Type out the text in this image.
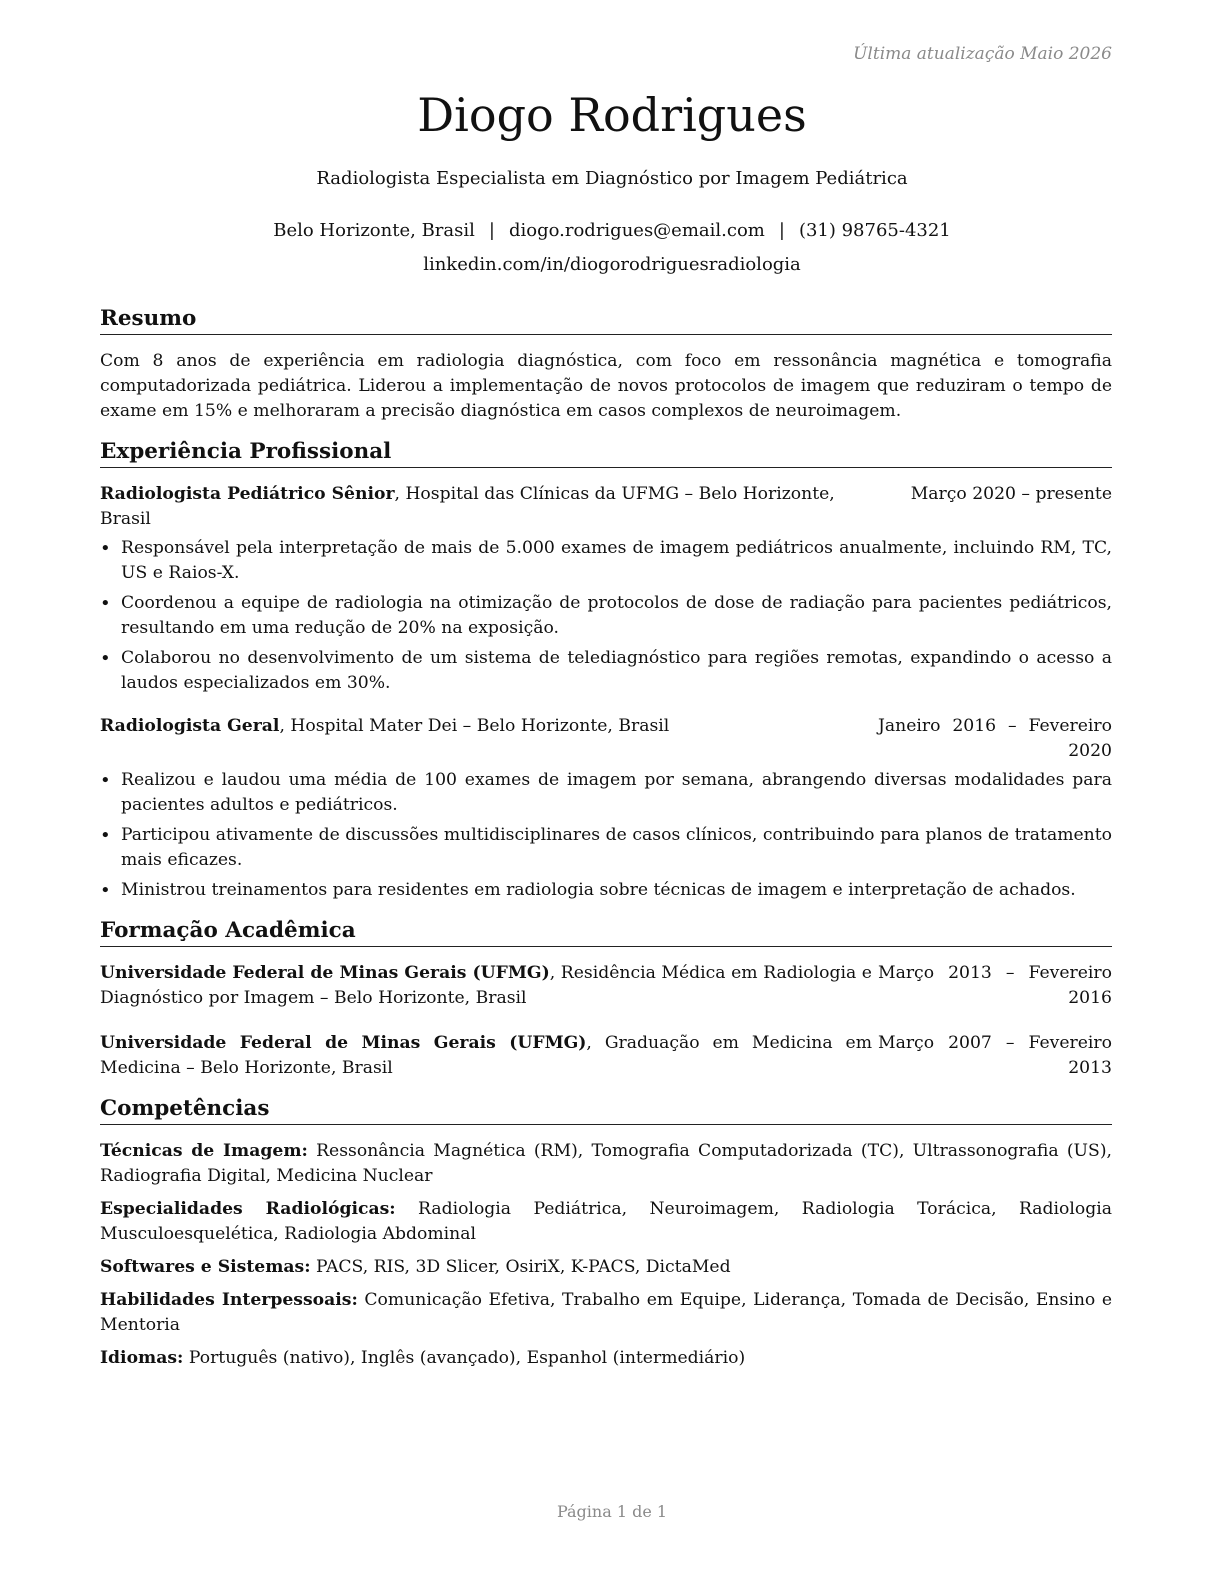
Última atualização Maio 2026
Diogo Rodrigues
Radiologista Especialista em Diagnóstico por Imagem Pediátrica
Belo Horizonte, Brasil | diogo.rodrigues@email.com | (31) 98765-4321
linkedin.com/in/diogorodriguesradiologia
Resumo

Com 8 anos de experiência em radiologia diagnóstica, com foco em ressonância magnética e tomografia computadorizada pediátrica. Liderou a implementação de novos protocolos de imagem que reduziram o tempo de exame em 15% e melhoraram a precisão diagnóstica em casos complexos de neuroimagem.

Experiência Profissional
Radiologista Pediátrico Sênior, Hospital das Clínicas da UFMG – Belo Horizonte, Brasil
Março 2020 – presente
• Responsável pela interpretação de mais de 5.000 exames de imagem pediátricos anualmente, incluindo RM, TC, US e Raios-X.
• Coordenou a equipe de radiologia na otimização de protocolos de dose de radiação para pacientes pediátricos, resultando em uma redução de 20% na exposição.
• Colaborou no desenvolvimento de um sistema de telediagnóstico para regiões remotas, expandindo o acesso a laudos especializados em 30%.
Radiologista Geral, Hospital Mater Dei – Belo Horizonte, Brasil	Janeiro 2016 – Fevereiro
2020
• Realizou e laudou uma média de 100 exames de imagem por semana, abrangendo diversas modalidades para pacientes adultos e pediátricos.
• Participou ativamente de discussões multidisciplinares de casos clínicos, contribuindo para planos de tratamento mais eficazes.
• Ministrou treinamentos para residentes em radiologia sobre técnicas de imagem e interpretação de achados.
Formação Acadêmica
Universidade Federal de Minas Gerais (UFMG), Residência Médica em Radiologia e Diagnóstico por Imagem – Belo Horizonte, Brasil
Março 2013 – Fevereiro
2016
Universidade Federal de Minas Gerais (UFMG), Graduação em Medicina em Medicina – Belo Horizonte, Brasil
Março 2007 – Fevereiro
2013
Competências
Técnicas de Imagem: Ressonância Magnética (RM), Tomografia Computadorizada (TC), Ultrassonografia (US), Radiografia Digital, Medicina Nuclear
Especialidades Radiológicas: Radiologia Pediátrica, Neuroimagem, Radiologia Torácica, Radiologia Musculoesquelética, Radiologia Abdominal
Softwares e Sistemas: PACS, RIS, 3D Slicer, OsiriX, K-PACS, DictaMed
Habilidades Interpessoais: Comunicação Efetiva, Trabalho em Equipe, Liderança, Tomada de Decisão, Ensino e Mentoria
Idiomas: Português (nativo), Inglês (avançado), Espanhol (intermediário)
Página 1 de 1
